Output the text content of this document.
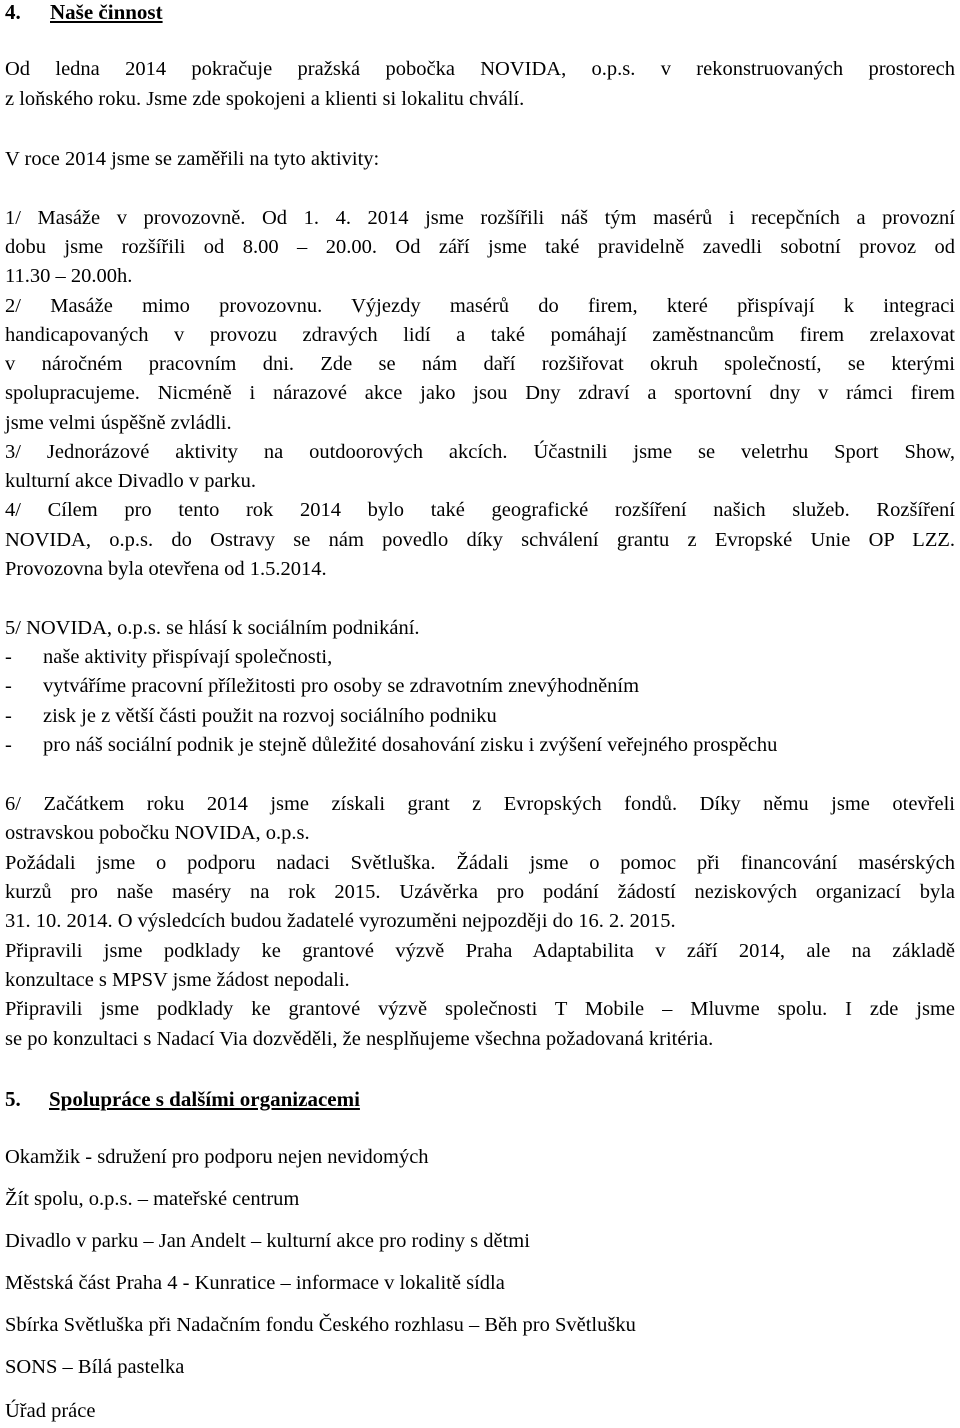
4. Naše činnost
Od ledna 2014 pokračuje pražská pobočka NOVIDA, o.p.s. v rekonstruovaných prostorech
z loňského roku. Jsme zde spokojeni a klienti si lokalitu chválí.
V roce 2014 jsme se zaměřili na tyto aktivity:
1/ Masáže v provozovně. Od 1. 4. 2014 jsme rozšířili náš tým masérů i recepčních a provozní
dobu jsme rozšířili od 8.00 – 20.00. Od září jsme také pravidelně zavedli sobotní provoz od
11.30 – 20.00h.
2/ Masáže mimo provozovnu. Výjezdy masérů do firem, které přispívají k integraci
handicapovaných v provozu zdravých lidí a také pomáhají zaměstnancům firem zrelaxovat
v náročném pracovním dni. Zde se nám daří rozšiřovat okruh společností, se kterými
spolupracujeme. Nicméně i nárazové akce jako jsou Dny zdraví a sportovní dny v rámci firem
jsme velmi úspěšně zvládli.
3/ Jednorázové aktivity na outdoorových akcích. Účastnili jsme se veletrhu Sport Show,
kulturní akce Divadlo v parku.
4/ Cílem pro tento rok 2014 bylo také geografické rozšíření našich služeb. Rozšíření
NOVIDA, o.p.s. do Ostravy se nám povedlo díky schválení grantu z Evropské Unie OP LZZ.
Provozovna byla otevřena od 1.5.2014.
5/ NOVIDA, o.p.s. se hlásí k sociálním podnikání.
- naše aktivity přispívají společnosti,
- vytváříme pracovní příležitosti pro osoby se zdravotním znevýhodněním
- zisk je z větší části použit na rozvoj sociálního podniku
- pro náš sociální podnik je stejně důležité dosahování zisku i zvýšení veřejného prospěchu
6/ Začátkem roku 2014 jsme získali grant z Evropských fondů. Díky němu jsme otevřeli
ostravskou pobočku NOVIDA, o.p.s.
Požádali jsme o podporu nadaci Světluška. Žádali jsme o pomoc při financování masérských
kurzů pro naše maséry na rok 2015. Uzávěrka pro podání žádostí neziskových organizací byla
31. 10. 2014. O výsledcích budou žadatelé vyrozuměni nejpozději do 16. 2. 2015.
Připravili jsme podklady ke grantové výzvě Praha Adaptabilita v září 2014, ale na základě
konzultace s MPSV jsme žádost nepodali.
Připravili jsme podklady ke grantové výzvě společnosti T Mobile – Mluvme spolu. I zde jsme
se po konzultaci s Nadací Via dozvěděli, že nesplňujeme všechna požadovaná kritéria.
5. Spolupráce s dalšími organizacemi
Okamžik - sdružení pro podporu nejen nevidomých
Žít spolu, o.p.s. – mateřské centrum
Divadlo v parku – Jan Andelt – kulturní akce pro rodiny s dětmi
Městská část Praha 4 - Kunratice – informace v lokalitě sídla
Sbírka Světluška při Nadačním fondu Českého rozhlasu – Běh pro Světlušku
SONS – Bílá pastelka
Úřad práce
